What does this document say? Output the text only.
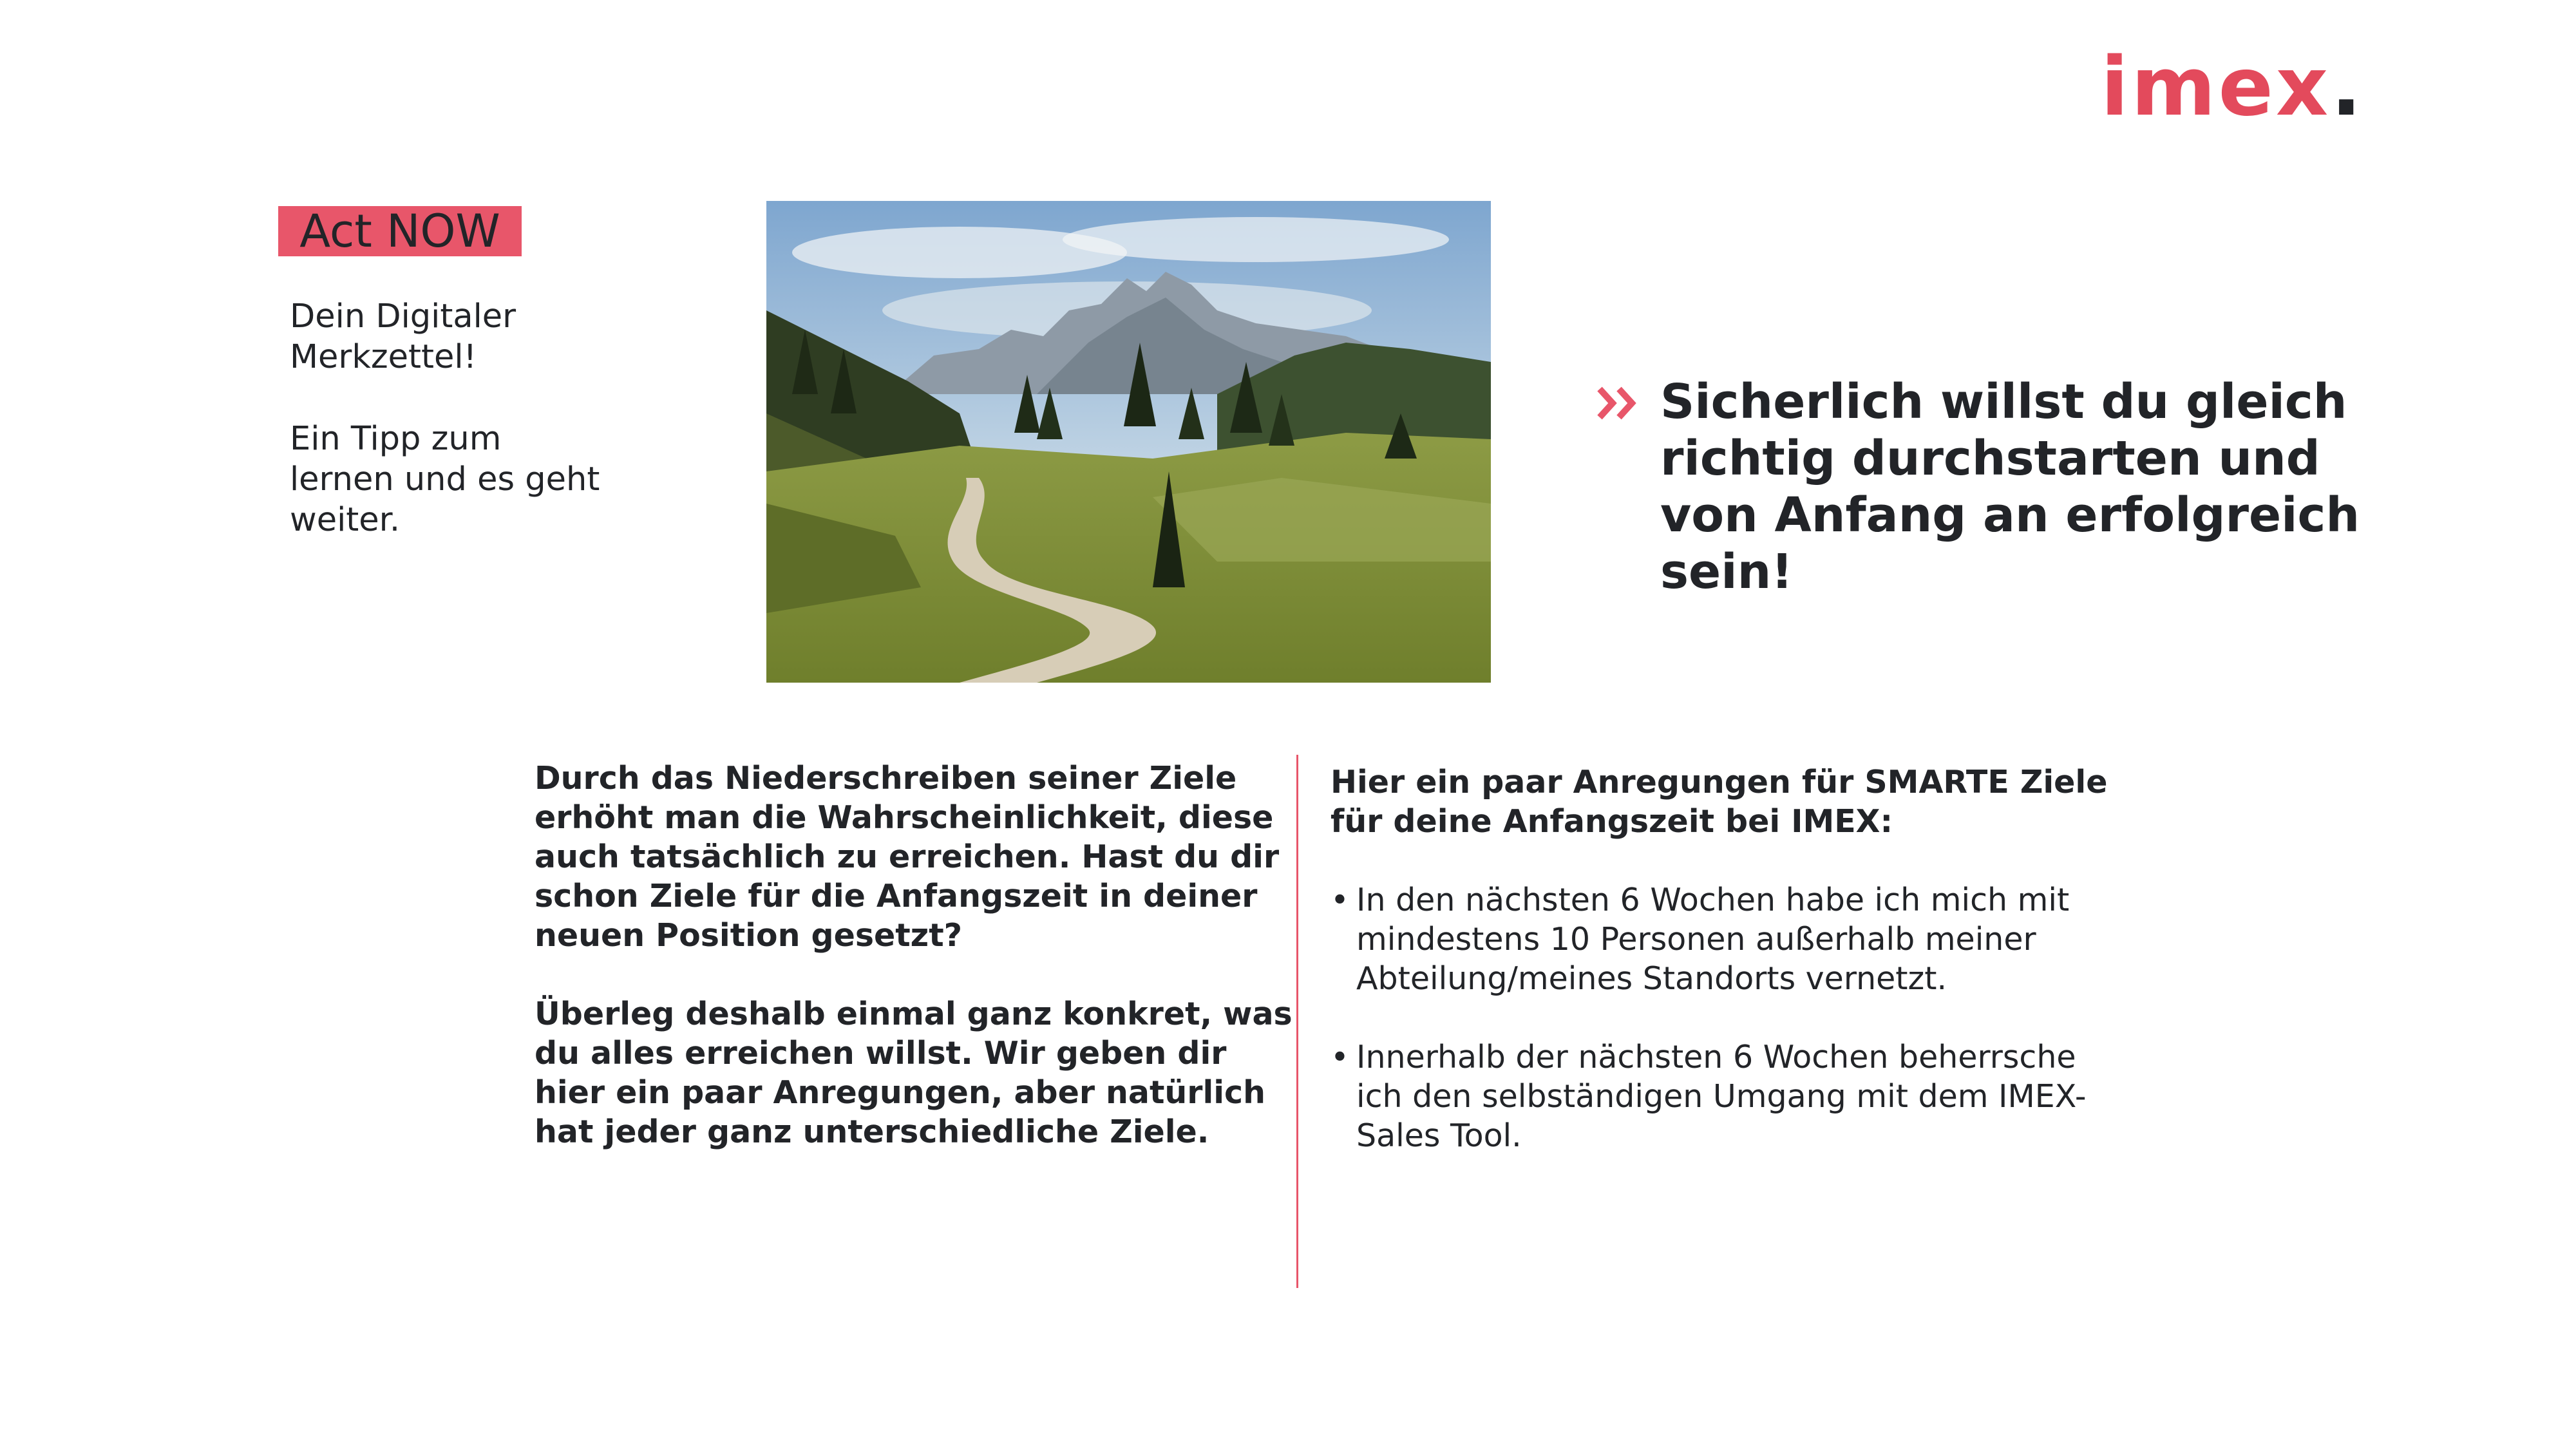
imex.
Act NOW

Dein Digitaler Merkzettel!

Ein Tipp zum lernen und es geht weiter.

Sicherlich willst du gleich richtig durchstarten und von Anfang an erfolgreich sein!

Durch das Niederschreiben seiner Ziele erhöht man die Wahrscheinlichkeit, diese auch tatsächlich zu erreichen. Hast du dir schon Ziele für die Anfangszeit in deiner neuen Position gesetzt?

Überleg deshalb einmal ganz konkret, was du alles erreichen willst. Wir geben dir hier ein paar Anregungen, aber natürlich hat jeder ganz unterschiedliche Ziele.

Hier ein paar Anregungen für SMARTE Ziele für deine Anfangszeit bei IMEX:

• In den nächsten 6 Wochen habe ich mich mit mindestens 10 Personen außerhalb meiner Abteilung/meines Standorts vernetzt.
• Innerhalb der nächsten 6 Wochen beherrsche ich den selbständigen Umgang mit dem IMEX-Sales Tool.
